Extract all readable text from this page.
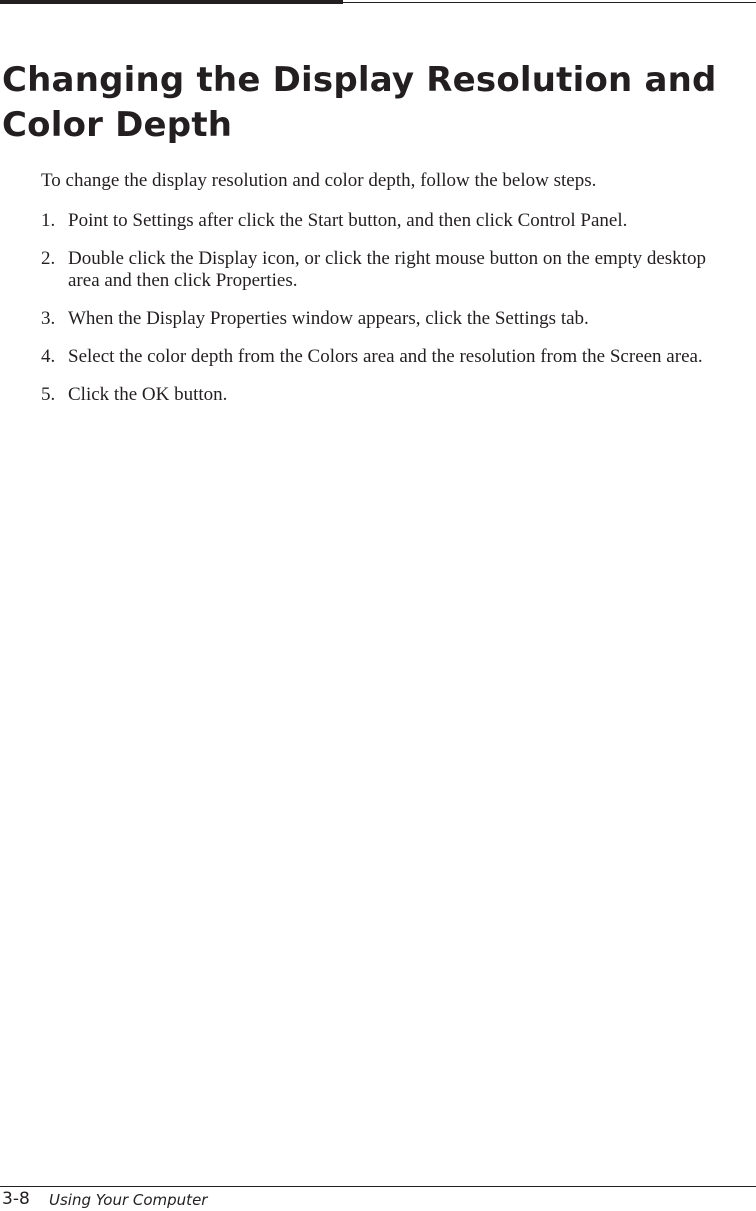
Changing the Display Resolution and Color Depth

To change the display resolution and color depth, follow the below steps.

1. Point to Settings after click the Start button, and then click Control Panel.
2. Double click the Display icon, or click the right mouse button on the empty desktop area and then click Properties.
3. When the Display Properties window appears, click the Settings tab.
4. Select the color depth from the Colors area and the resolution from the Screen area.
5. Click the OK button.
3-8 Using Your Computer
